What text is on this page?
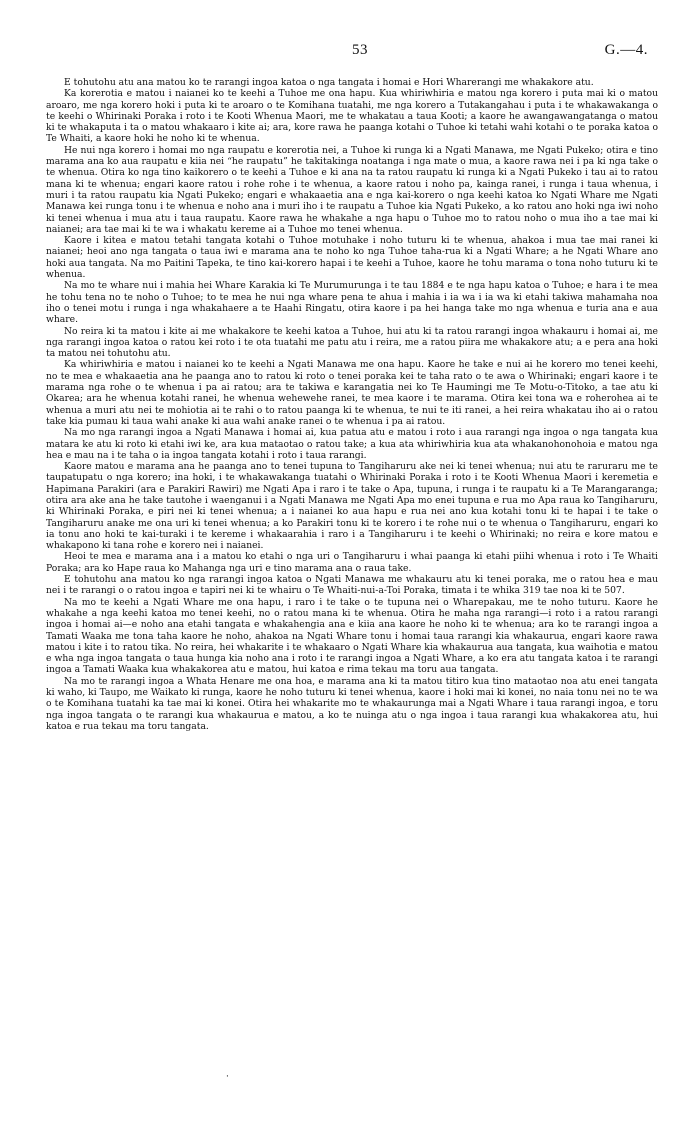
53	G.—4.

E tohutohu atu ana matou ko te rarangi ingoa katoa o nga tangata i homai e Hori Wharerangi me whakakore atu.

Ka korerotia e matou i naianei ko te keehi a Tuhoe me ona hapu. Kua whiriwhiria e matou nga korero i puta mai ki o matou aroaro, me nga korero hoki i puta ki te aroaro o te Komihana tuatahi, me nga korero a Tutakangahau i puta i te whakawakanga o te keehi o Whirinaki Poraka i roto i te Kooti Whenua Maori, me te whakatau a taua Kooti; a kaore he awangawangatanga o matou ki te whakaputa i ta o matou whakaaro i kite ai; ara, kore rawa he paanga kotahi o Tuhoe ki tetahi wahi kotahi o te poraka katoa o Te Whaiti, a kaore hoki he noho ki te whenua.

He nui nga korero i homai mo nga raupatu e korerotia nei, a Tuhoe ki runga ki a Ngati Manawa, me Ngati Pukeko; otira e tino marama ana ko aua raupatu e kiia nei “he raupatu” he takitakinga noatanga i nga mate o mua, a kaore rawa nei i pa ki nga take o te whenua. Otira ko nga tino kaikorero o te keehi a Tuhoe e ki ana na ta ratou raupatu ki runga ki a Ngati Pukeko i tau ai to ratou mana ki te whenua; engari kaore ratou i rohe rohe i te whenua, a kaore ratou i noho pa, kainga ranei, i runga i taua whenua, i muri i ta ratou raupatu kia Ngati Pukeko; engari e whakaaetia ana e nga kai-korero o nga keehi katoa ko Ngati Whare me Ngati Manawa kei runga tonu i te whenua e noho ana i muri iho i te raupatu a Tuhoe kia Ngati Pukeko, a ko ratou ano hoki nga iwi noho ki tenei whenua i mua atu i taua raupatu. Kaore rawa he whakahe a nga hapu o Tuhoe mo to ratou noho o mua iho a tae mai ki naianei; ara tae mai ki te wa i whakatu kereme ai a Tuhoe mo tenei whenua.

Kaore i kitea e matou tetahi tangata kotahi o Tuhoe motuhake i noho tuturu ki te whenua, ahakoa i mua tae mai ranei ki naianei; heoi ano nga tangata o taua iwi e marama ana te noho ko nga Tuhoe taha-rua ki a Ngati Whare; a he Ngati Whare ano hoki aua tangata. Na mo Paitini Tapeka, te tino kai-korero hapai i te keehi a Tuhoe, kaore he tohu marama o tona noho tuturu ki te whenua.

Na mo te whare nui i mahia hei Whare Karakia ki Te Murumurunga i te tau 1884 e te nga hapu katoa o Tuhoe; e hara i te mea he tohu tena no te noho o Tuhoe; to te mea he nui nga whare pena te ahua i mahia i ia wa i ia wa ki etahi takiwa mahamaha noa iho o tenei motu i runga i nga whakahaere a te Haahi Ringatu, otira kaore i pa hei hanga take mo nga whenua e turia ana e aua whare.

No reira ki ta matou i kite ai me whakakore te keehi katoa a Tuhoe, hui atu ki ta ratou rarangi ingoa whakauru i homai ai, me nga rarangi ingoa katoa o ratou kei roto i te ota tuatahi me patu atu i reira, me a ratou piira me whakakore atu; a e pera ana hoki ta matou nei tohutohu atu.

Ka whiriwhiria e matou i naianei ko te keehi a Ngati Manawa me ona hapu. Kaore he take e nui ai he korero mo tenei keehi, no te mea e whakaaetia ana he paanga ano to ratou ki roto o tenei poraka kei te taha rato o te awa o Whirinaki; engari kaore i te marama nga rohe o te whenua i pa ai ratou; ara te takiwa e karangatia nei ko Te Haumingi me Te Motu-o-Titoko, a tae atu ki Okarea; ara he whenua kotahi ranei, he whenua wehewehe ranei, te mea kaore i te marama. Otira kei tona wa e roherohea ai te whenua a muri atu nei te mohiotia ai te rahi o to ratou paanga ki te whenua, te nui te iti ranei, a hei reira whakatau iho ai o ratou take kia pumau ki taua wahi anake ki aua wahi anake ranei o te whenua i pa ai ratou.

Na mo nga rarangi ingoa a Ngati Manawa i homai ai, kua patua atu e matou i roto i aua rarangi nga ingoa o nga tangata kua matara ke atu ki roto ki etahi iwi ke, ara kua mataotao o ratou take; a kua ata whiriwhiria kua ata whakanohonohoia e matou nga hea e mau na i te taha o ia ingoa tangata kotahi i roto i taua rarangi.

Kaore matou e marama ana he paanga ano to tenei tupuna to Tangiharuru ake nei ki tenei whenua; nui atu te raruraru me te taupatupatu o nga korero; ina hoki, i te whakawakanga tuatahi o Whirinaki Poraka i roto i te Kooti Whenua Maori i keremetia e Hapimana Parakiri (ara e Parakiri Rawiri) me Ngati Apa i raro i te take o Apa, tupuna, i runga i te raupatu ki a Te Marangaranga; otira ara ake ana he take tautohe i waenganui i a Ngati Manawa me Ngati Apa mo enei tupuna e rua mo Apa raua ko Tangiharuru, ki Whirinaki Poraka, e piri nei ki tenei whenua; a i naianei ko aua hapu e rua nei ano kua kotahi tonu ki te hapai i te take o Tangiharuru anake me ona uri ki tenei whenua; a ko Parakiri tonu ki te korero i te rohe nui o te whenua o Tangiharuru, engari ko ia tonu ano hoki te kai-turaki i te kereme i whakaarahia i raro i a Tangiharuru i te keehi o Whirinaki; no reira e kore matou e whakapono ki tana rohe e korero nei i naianei.

Heoi te mea e marama ana i a matou ko etahi o nga uri o Tangiharuru i whai paanga ki etahi piihi whenua i roto i Te Whaiti Poraka; ara ko Hape raua ko Mahanga nga uri e tino marama ana o raua take.

E tohutohu ana matou ko nga rarangi ingoa katoa o Ngati Manawa me whakauru atu ki tenei poraka, me o ratou hea e mau nei i te rarangi o o ratou ingoa e tapiri nei ki te whairu o Te Whaiti-nui-a-Toi Poraka, timata i te whika 319 tae noa ki te 507.

Na mo te keehi a Ngati Whare me ona hapu, i raro i te take o te tupuna nei o Wharepakau, me te noho tuturu. Kaore he whakahe a nga keehi katoa mo tenei keehi, no o ratou mana ki te whenua. Otira he maha nga rarangi—i roto i a ratou rarangi ingoa i homai ai—e noho ana etahi tangata e whakahengia ana e kiia ana kaore he noho ki te whenua; ara ko te rarangi ingoa a Tamati Waaka me tona taha kaore he noho, ahakoa na Ngati Whare tonu i homai taua rarangi kia whakaurua, engari kaore rawa matou i kite i to ratou tika. No reira, hei whakarite i te whakaaro o Ngati Whare kia whakaurua aua tangata, kua waihotia e matou e wha nga ingoa tangata o taua hunga kia noho ana i roto i te rarangi ingoa a Ngati Whare, a ko era atu tangata katoa i te rarangi ingoa a Tamati Waaka kua whakakorea atu e matou, hui katoa e rima tekau ma toru aua tangata.

Na mo te rarangi ingoa a Whata Henare me ona hoa, e marama ana ki ta matou titiro kua tino mataotao noa atu enei tangata ki waho, ki Taupo, me Waikato ki runga, kaore he noho tuturu ki tenei whenua, kaore i hoki mai ki konei, no naia tonu nei no te wa o te Komihana tuatahi ka tae mai ki konei. Otira hei whakarite mo te whakaurunga mai a Ngati Whare i taua rarangi ingoa, e toru nga ingoa tangata o te rarangi kua whakaurua e matou, a ko te nuinga atu o nga ingoa i taua rarangi kua whakakorea atu, hui katoa e rua tekau ma toru tangata.

·
